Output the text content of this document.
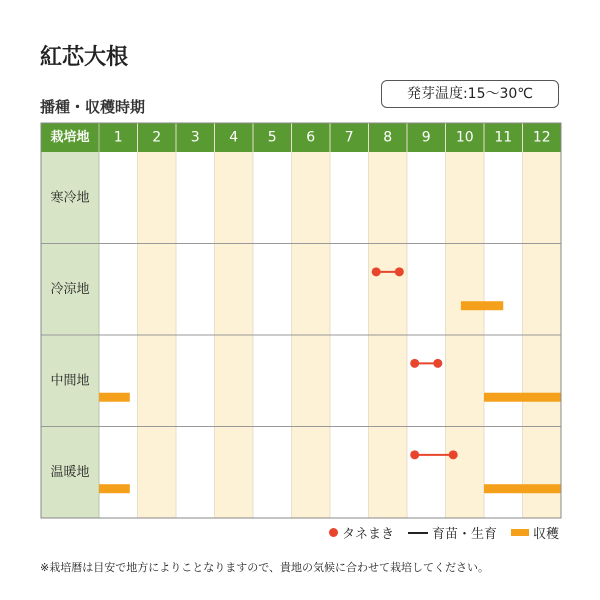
紅芯大根
播種・収穫時期
発芽温度:15〜30℃
栽培地 1 2 3 4 5 6 7 8 9 10 11 12
寒冷地
冷涼地
中間地
温暖地
タネまき	育苗・生育	収穫
※栽培暦は目安で地方によりことなりますので、貴地の気候に合わせて栽培してください。
